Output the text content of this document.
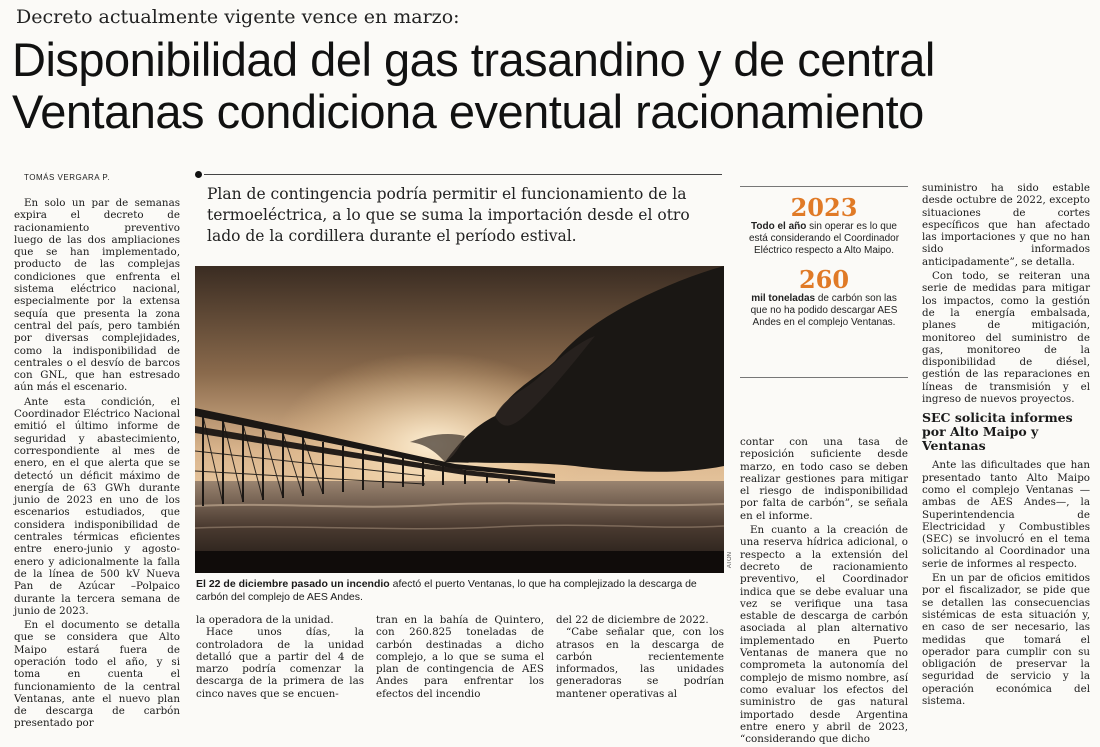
Decreto actualmente vigente vence en marzo:
Disponibilidad del gas trasandino y de central
Ventanas condiciona eventual racionamiento
TOMÁS VERGARA P.

En solo un par de semanas expira el decreto de racionamiento preventivo luego de las dos ampliaciones que se han implementado, producto de las complejas condiciones que enfrenta el sistema eléctrico nacional, especialmente por la extensa sequía que presenta la zona central del país, pero también por diversas complejidades, como la indisponibilidad de centrales o el desvío de barcos con GNL, que han estresado aún más el escenario.

Ante esta condición, el Coordinador Eléctrico Nacional emitió el último informe de seguridad y abastecimiento, correspondiente al mes de enero, en el que alerta que se detectó un déficit máximo de energía de 63 GWh durante junio de 2023 en uno de los escenarios estudiados, que considera indisponibilidad de centrales térmicas eficientes entre enero-junio y agosto-enero y adicionalmente la falla de la línea de 500 kV Nueva Pan de Azúcar –Polpaico durante la tercera semana de junio de 2023.

En el documento se detalla que se considera que Alto Maipo estará fuera de operación todo el año, y si toma en cuenta el funcionamiento de la central Ventanas, ante el nuevo plan de descarga de carbón presentado por

Plan de contingencia podría permitir el funcionamiento de la termoeléctrica, a lo que se suma la importación desde el otro lado de la cordillera durante el período estival.
ATON
El 22 de diciembre pasado un incendio afectó el puerto Ventanas, lo que ha complejizado la descarga de carbón del complejo de AES Andes.

la operadora de la unidad.

Hace unos días, la controladora de la unidad detalló que a partir del 4 de marzo podría comenzar la descarga de la primera de las cinco naves que se encuen-

tran en la bahía de Quintero, con 260.825 toneladas de carbón destinadas a dicho complejo, a lo que se suma el plan de contingencia de AES Andes para enfrentar los efectos del incendio

del 22 de diciembre de 2022.

“Cabe señalar que, con los atrasos en la descarga de carbón recientemente informados, las unidades generadoras se podrían mantener operativas al

2023
Todo el año sin operar es lo que está considerando el Coordinador Eléctrico respecto a Alto Maipo.
260
mil toneladas de carbón son las que no ha podido descargar AES Andes en el complejo Ventanas.

contar con una tasa de reposición suficiente desde marzo, en todo caso se deben realizar gestiones para mitigar el riesgo de indisponibilidad por falta de carbón”, se señala en el informe.

En cuanto a la creación de una reserva hídrica adicional, o respecto a la extensión del decreto de racionamiento preventivo, el Coordinador indica que se debe evaluar una vez se verifique una tasa estable de descarga de carbón asociada al plan alternativo implementado en Puerto Ventanas de manera que no comprometa la autonomía del complejo de mismo nombre, así como evaluar los efectos del suministro de gas natural importado desde Argentina entre enero y abril de 2023, “considerando que dicho

suministro ha sido estable desde octubre de 2022, excepto situaciones de cortes específicos que han afectado las importaciones y que no han sido informados anticipadamente”, se detalla.

Con todo, se reiteran una serie de medidas para mitigar los impactos, como la gestión de la energía embalsada, planes de mitigación, monitoreo del suministro de gas, monitoreo de la disponibilidad de diésel, gestión de las reparaciones en líneas de transmisión y el ingreso de nuevos proyectos.

SEC solicita informes por Alto Maipo y Ventanas

Ante las dificultades que han presentado tanto Alto Maipo como el complejo Ventanas —ambas de AES Andes—, la Superintendencia de Electricidad y Combustibles (SEC) se involucró en el tema solicitando al Coordinador una serie de informes al respecto.

En un par de oficios emitidos por el fiscalizador, se pide que se detallen las consecuencias sistémicas de esta situación y, en caso de ser necesario, las medidas que tomará el operador para cumplir con su obligación de preservar la seguridad de servicio y la operación económica del sistema.
